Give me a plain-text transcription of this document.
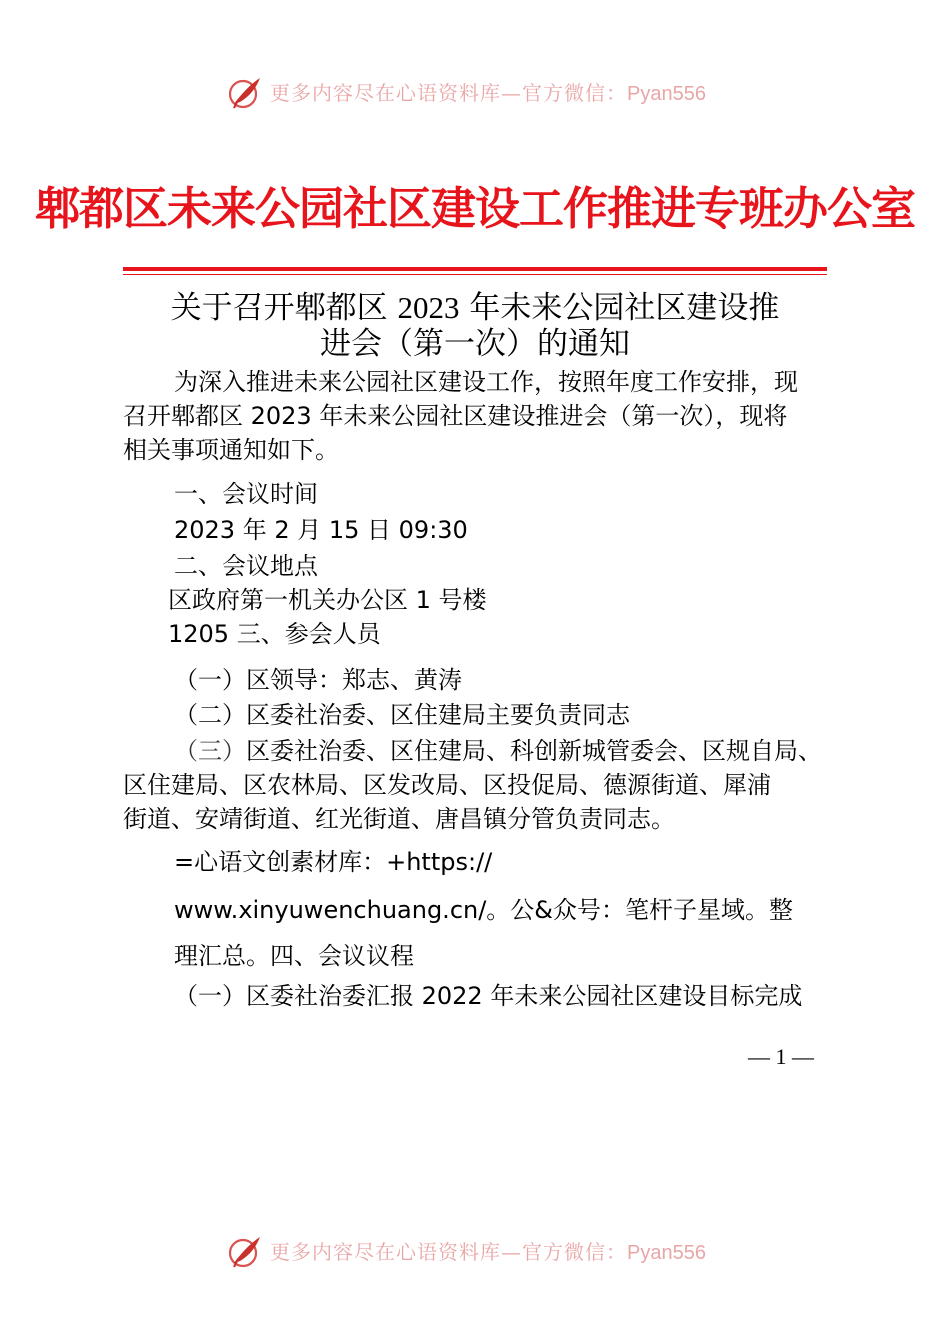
更多内容尽在心语资料库—官方微信：Pyan556
郫都区未来公园社区建设工作推进专班办公室
关于召开郫都区 2023 年未来公园社区建设推
进会（第一次）的通知
为深入推进未来公园社区建设工作，按照年度工作安排，现
召开郫都区 2023 年未来公园社区建设推进会（第一次），现将
相关事项通知如下。
一、会议时间
2023 年 2 月 15 日 09:30
二、会议地点
区政府第一机关办公区 1 号楼
1205 三、参会人员
（一）区领导：郑志、黄涛
（二）区委社治委、区住建局主要负责同志
（三）区委社治委、区住建局、科创新城管委会、区规自局、
区住建局、区农林局、区发改局、区投促局、德源街道、犀浦
街道、安靖街道、红光街道、唐昌镇分管负责同志。
=心语文创素材库：+https://
www.xinyuwenchuang.cn/。公&众号：笔杆子星域。整
理汇总。四、会议议程
（一）区委社治委汇报 2022 年未来公园社区建设目标完成
— 1 —
更多内容尽在心语资料库—官方微信：Pyan556
